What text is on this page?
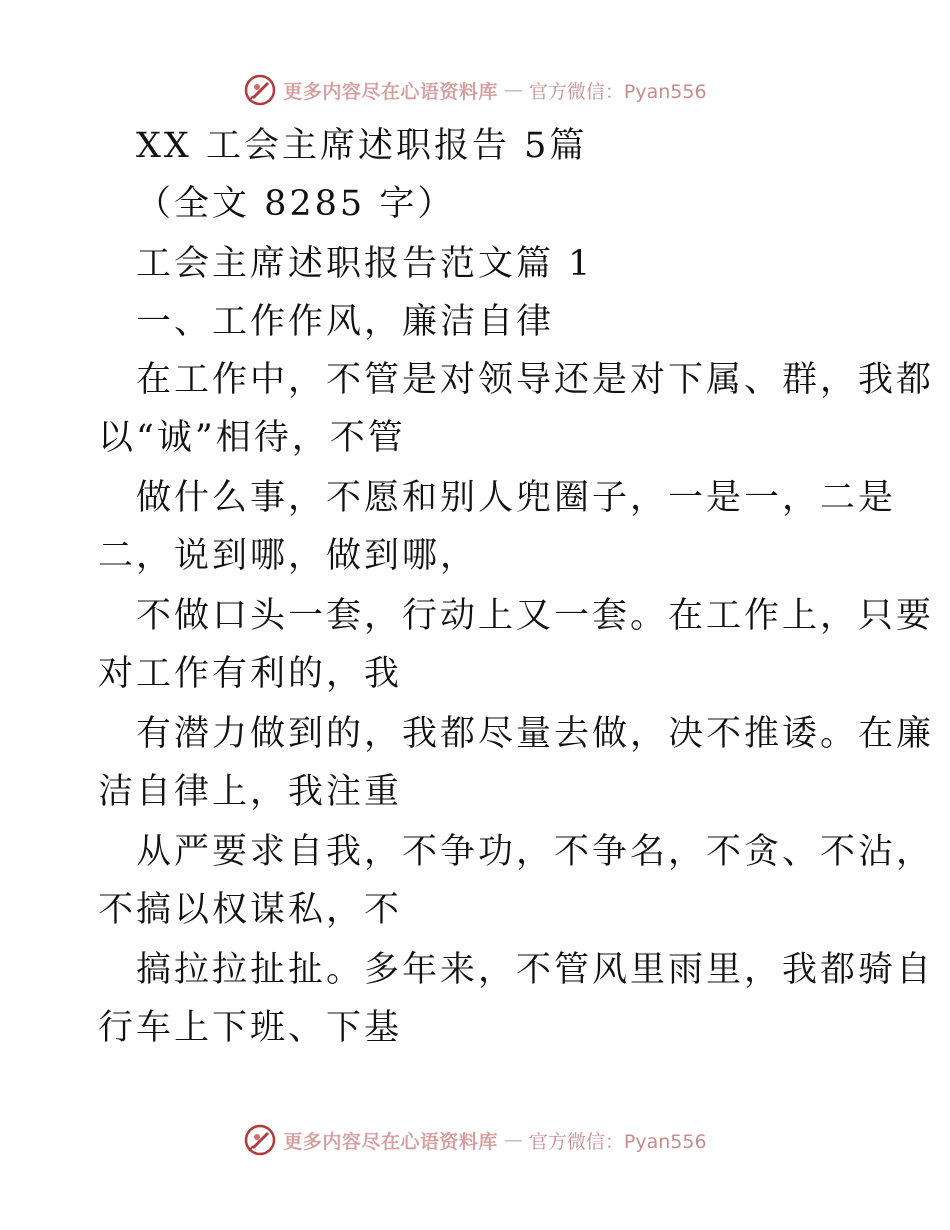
更多内容尽在心语资料库 — 官方微信：Pyan556
XX 工会主席述职报告 5篇
（全文 8285 字）
工会主席述职报告范文篇 1
一、工作作风，廉洁自律
在工作中，不管是对领导还是对下属、群，我都
以“诚”相待，不管
做什么事，不愿和别人兜圈子，一是一，二是
二，说到哪，做到哪，
不做口头一套，行动上又一套。在工作上，只要
对工作有利的，我
有潜力做到的，我都尽量去做，决不推诿。在廉
洁自律上，我注重
从严要求自我，不争功，不争名，不贪、不沾，
不搞以权谋私，不
搞拉拉扯扯。多年来，不管风里雨里，我都骑自
行车上下班、下基
更多内容尽在心语资料库 — 官方微信：Pyan556
